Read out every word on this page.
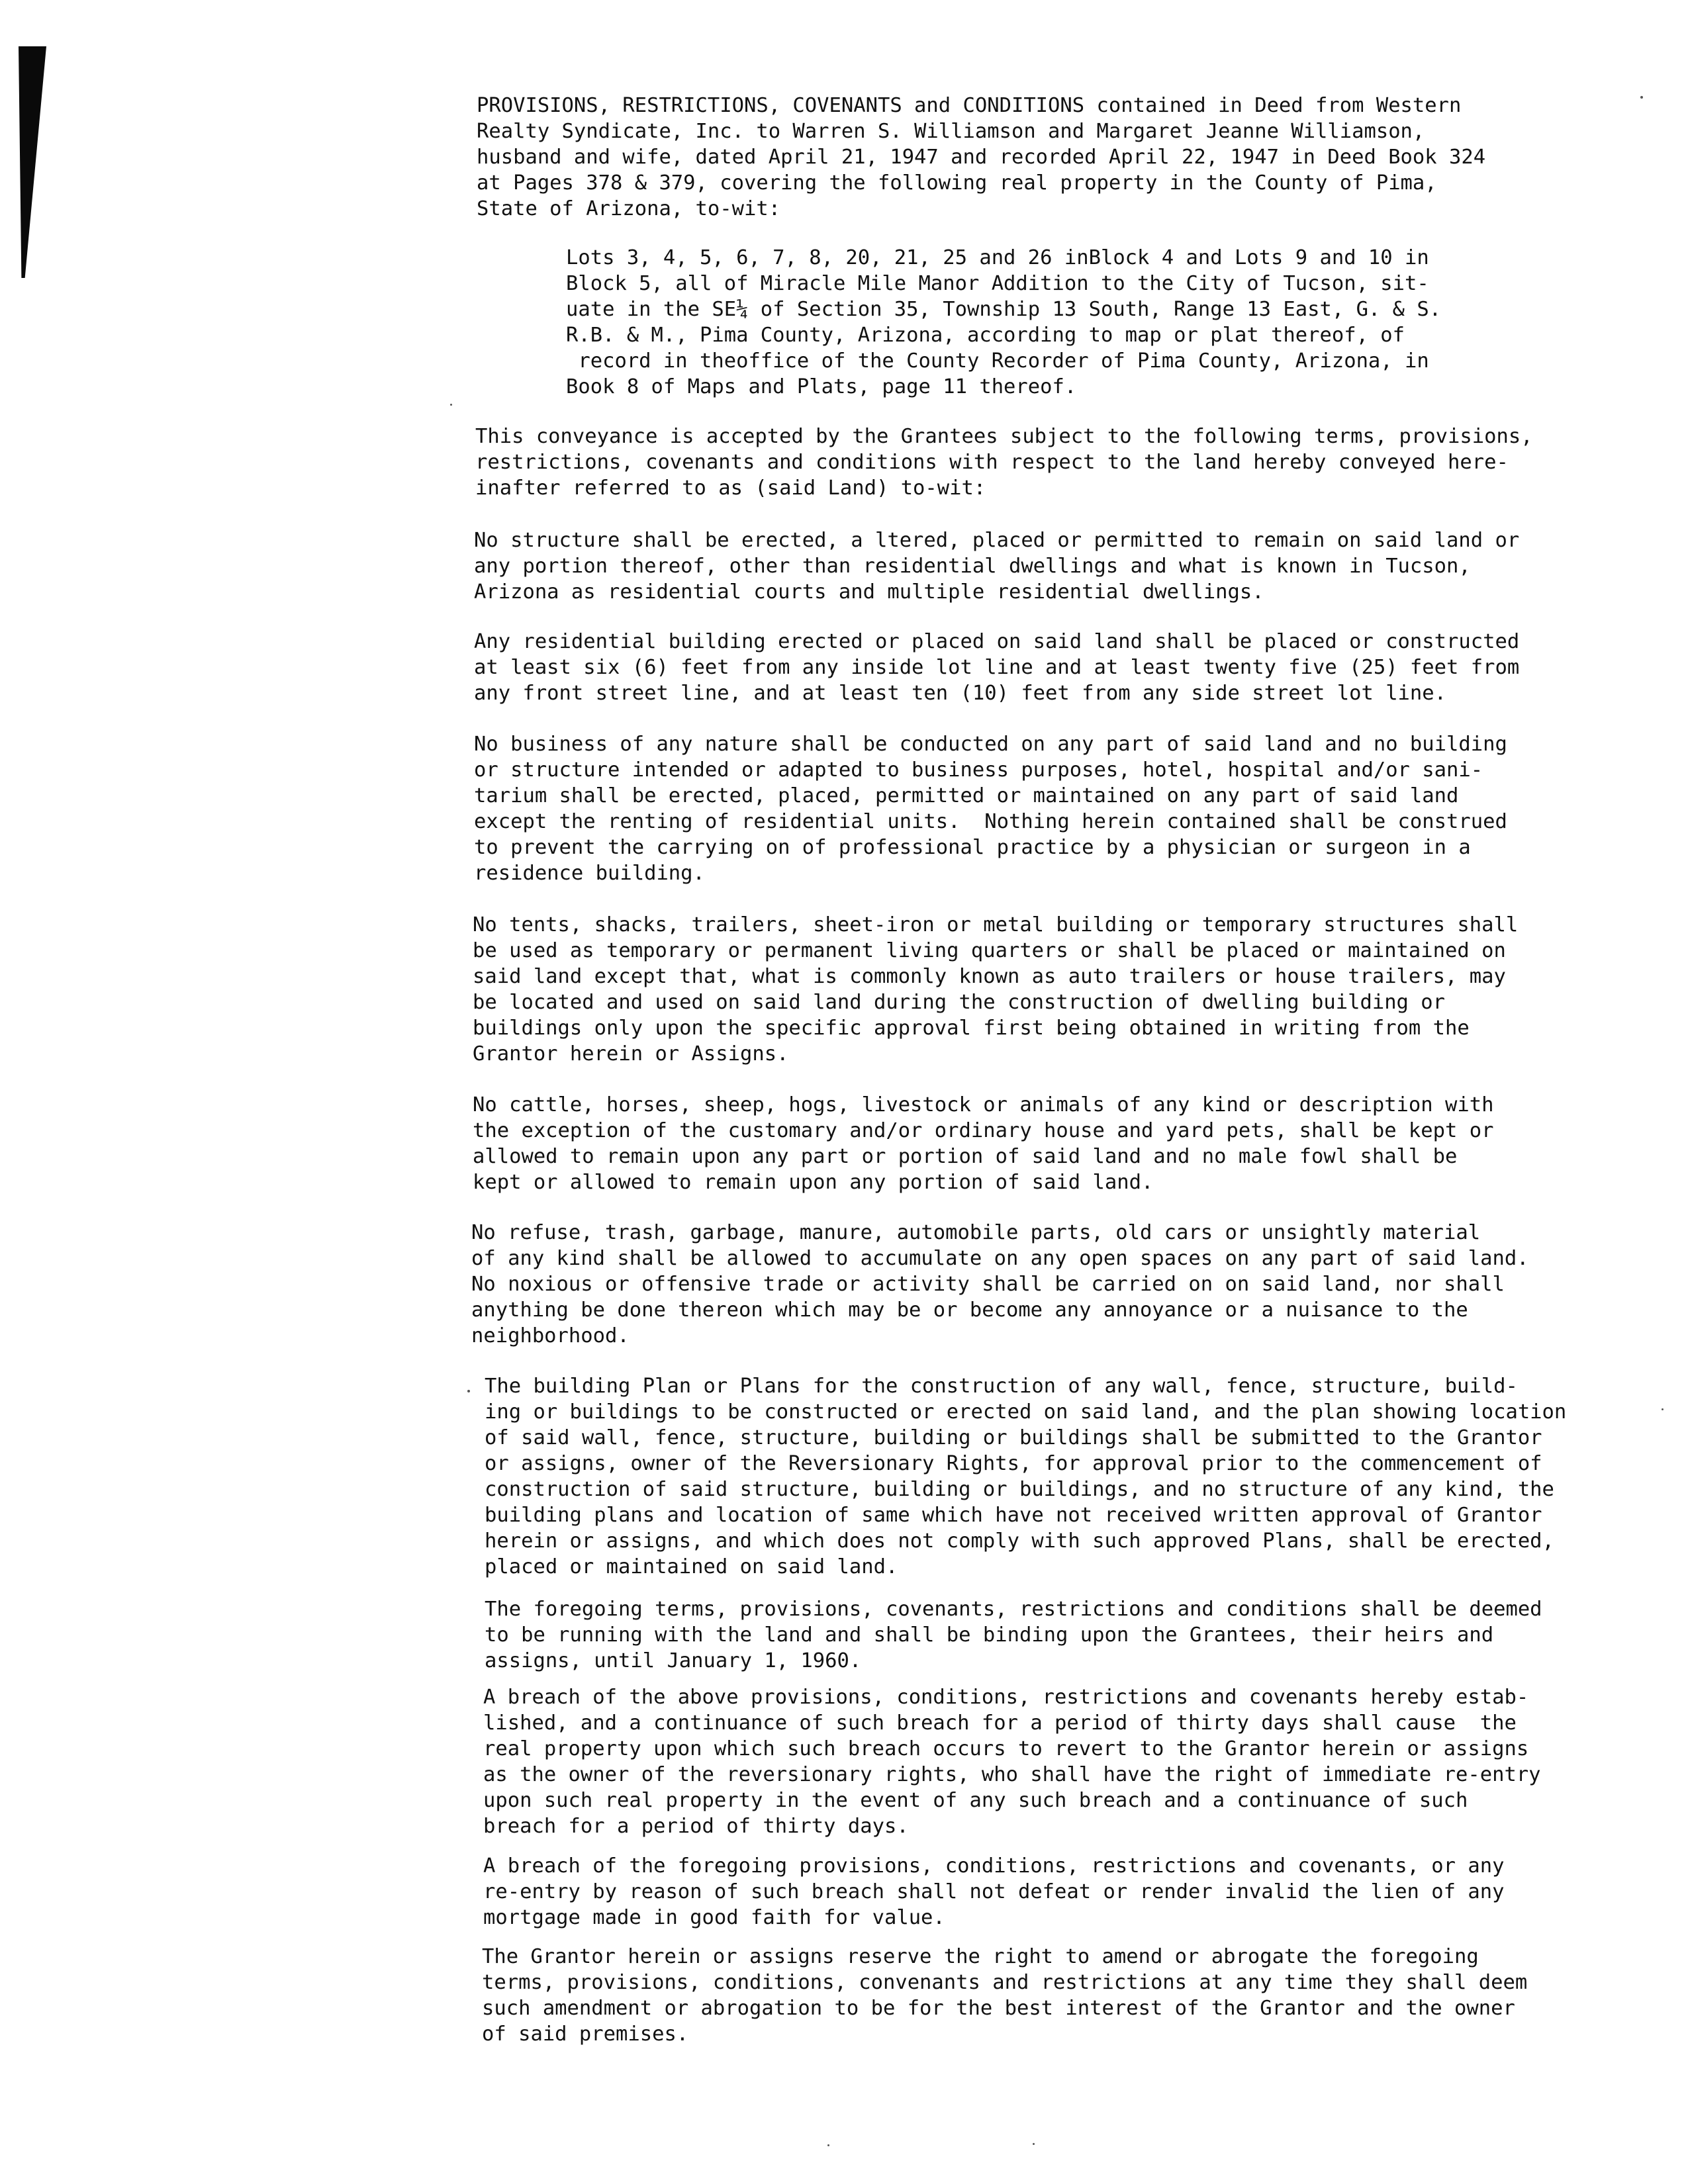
PROVISIONS, RESTRICTIONS, COVENANTS and CONDITIONS contained in Deed from Western
Realty Syndicate, Inc. to Warren S. Williamson and Margaret Jeanne Williamson,
husband and wife, dated April 21, 1947 and recorded April 22, 1947 in Deed Book 324
at Pages 378 & 379, covering the following real property in the County of Pima,
State of Arizona, to-wit:
Lots 3, 4, 5, 6, 7, 8, 20, 21, 25 and 26 inBlock 4 and Lots 9 and 10 in
Block 5, all of Miracle Mile Manor Addition to the City of Tucson, sit-
uate in the SE¼ of Section 35, Township 13 South, Range 13 East, G. & S.
R.B. & M., Pima County, Arizona, according to map or plat thereof, of
record in theoffice of the County Recorder of Pima County, Arizona, in
Book 8 of Maps and Plats, page 11 thereof.
This conveyance is accepted by the Grantees subject to the following terms, provisions,
restrictions, covenants and conditions with respect to the land hereby conveyed here-
inafter referred to as (said Land) to-wit:
No structure shall be erected, a ltered, placed or permitted to remain on said land or
any portion thereof, other than residential dwellings and what is known in Tucson,
Arizona as residential courts and multiple residential dwellings.
Any residential building erected or placed on said land shall be placed or constructed
at least six (6) feet from any inside lot line and at least twenty five (25) feet from
any front street line, and at least ten (10) feet from any side street lot line.
No business of any nature shall be conducted on any part of said land and no building
or structure intended or adapted to business purposes, hotel, hospital and/or sani-
tarium shall be erected, placed, permitted or maintained on any part of said land
except the renting of residential units.  Nothing herein contained shall be construed
to prevent the carrying on of professional practice by a physician or surgeon in a
residence building.
No tents, shacks, trailers, sheet-iron or metal building or temporary structures shall
be used as temporary or permanent living quarters or shall be placed or maintained on
said land except that, what is commonly known as auto trailers or house trailers, may
be located and used on said land during the construction of dwelling building or
buildings only upon the specific approval first being obtained in writing from the
Grantor herein or Assigns.
No cattle, horses, sheep, hogs, livestock or animals of any kind or description with
the exception of the customary and/or ordinary house and yard pets, shall be kept or
allowed to remain upon any part or portion of said land and no male fowl shall be
kept or allowed to remain upon any portion of said land.
No refuse, trash, garbage, manure, automobile parts, old cars or unsightly material
of any kind shall be allowed to accumulate on any open spaces on any part of said land.
No noxious or offensive trade or activity shall be carried on on said land, nor shall
anything be done thereon which may be or become any annoyance or a nuisance to the
neighborhood.
The building Plan or Plans for the construction of any wall, fence, structure, build-
ing or buildings to be constructed or erected on said land, and the plan showing location
of said wall, fence, structure, building or buildings shall be submitted to the Grantor
or assigns, owner of the Reversionary Rights, for approval prior to the commencement of
construction of said structure, building or buildings, and no structure of any kind, the
building plans and location of same which have not received written approval of Grantor
herein or assigns, and which does not comply with such approved Plans, shall be erected,
placed or maintained on said land.
The foregoing terms, provisions, covenants, restrictions and conditions shall be deemed
to be running with the land and shall be binding upon the Grantees, their heirs and
assigns, until January 1, 1960.
A breach of the above provisions, conditions, restrictions and covenants hereby estab-
lished, and a continuance of such breach for a period of thirty days shall cause  the
real property upon which such breach occurs to revert to the Grantor herein or assigns
as the owner of the reversionary rights, who shall have the right of immediate re-entry
upon such real property in the event of any such breach and a continuance of such
breach for a period of thirty days.
A breach of the foregoing provisions, conditions, restrictions and covenants, or any
re-entry by reason of such breach shall not defeat or render invalid the lien of any
mortgage made in good faith for value.
The Grantor herein or assigns reserve the right to amend or abrogate the foregoing
terms, provisions, conditions, convenants and restrictions at any time they shall deem
such amendment or abrogation to be for the best interest of the Grantor and the owner
of said premises.
